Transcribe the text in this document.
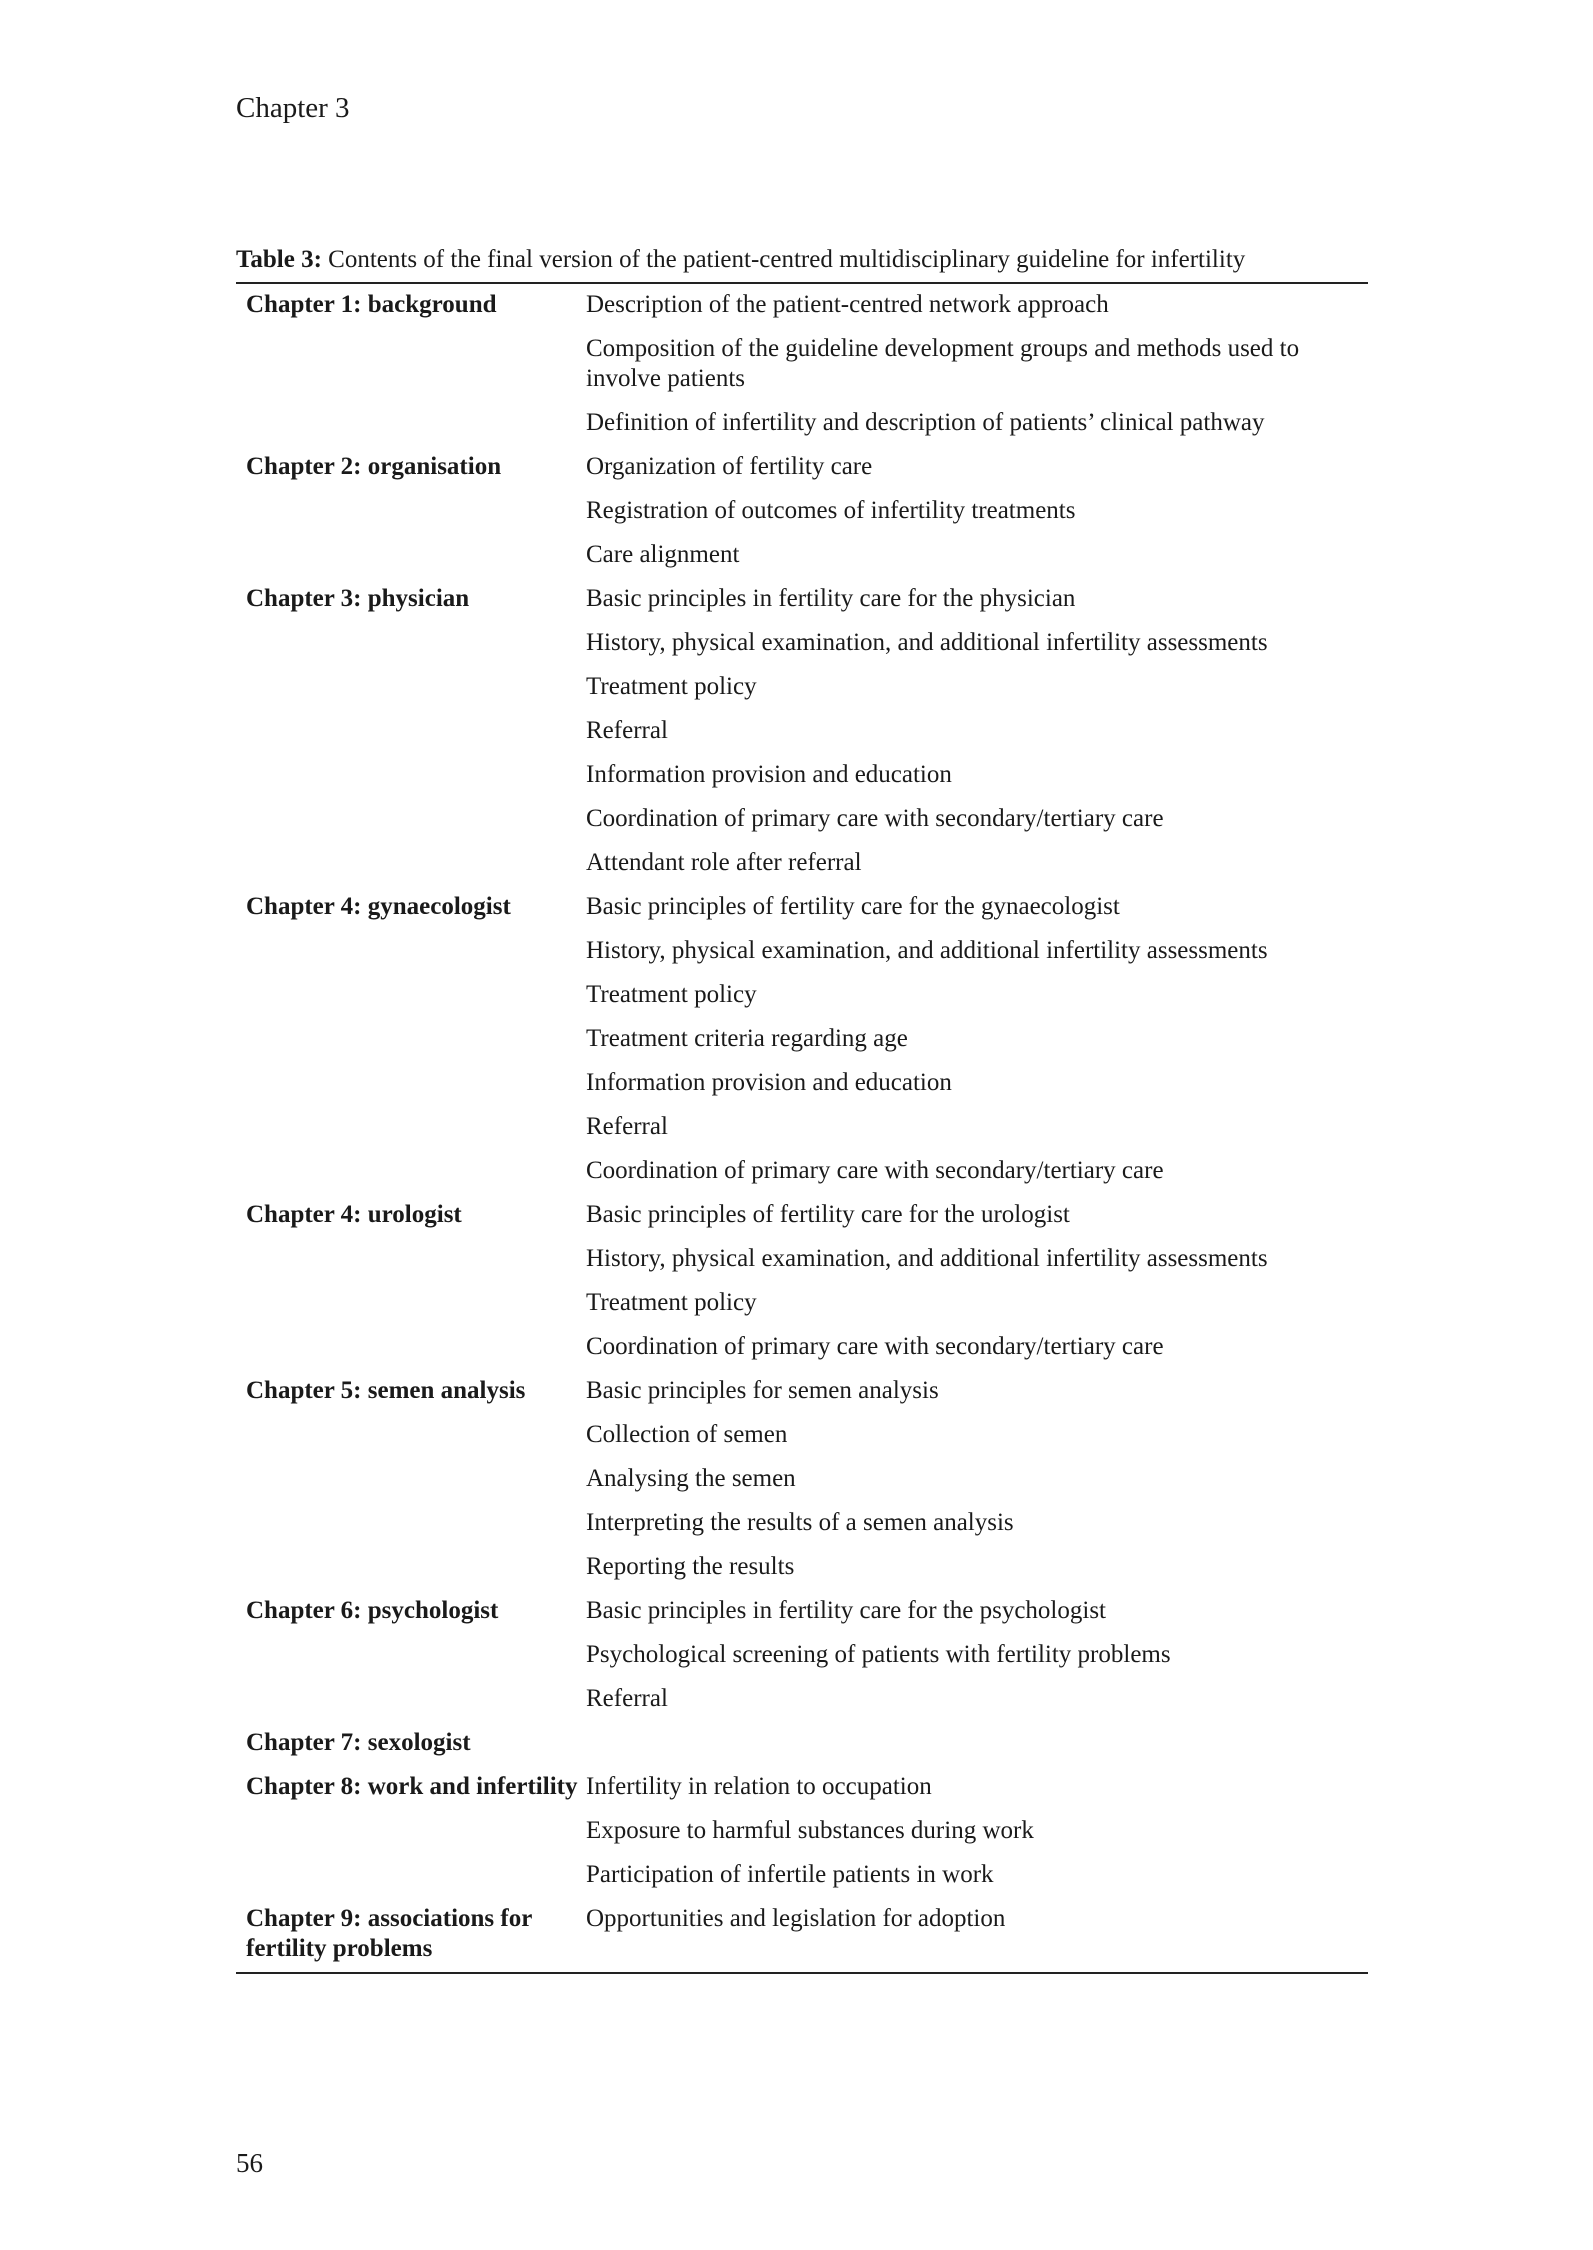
Chapter 3
Table 3: Contents of the final version of the patient-centred multidisciplinary guideline for infertility
Chapter 1: background	Description of the patient-centred network approach
	Composition of the guideline development groups and methods used to involve patients
	Definition of infertility and description of patients’ clinical pathway
Chapter 2: organisation	Organization of fertility care
	Registration of outcomes of infertility treatments
	Care alignment
Chapter 3: physician	Basic principles in fertility care for the physician
	History, physical examination, and additional infertility assessments
	Treatment policy
	Referral
	Information provision and education
	Coordination of primary care with secondary/tertiary care
	Attendant role after referral
Chapter 4: gynaecologist	Basic principles of fertility care for the gynaecologist
	History, physical examination, and additional infertility assessments
	Treatment policy
	Treatment criteria regarding age
	Information provision and education
	Referral
	Coordination of primary care with secondary/tertiary care
Chapter 4: urologist	Basic principles of fertility care for the urologist
	History, physical examination, and additional infertility assessments
	Treatment policy
	Coordination of primary care with secondary/tertiary care
Chapter 5: semen analysis	Basic principles for semen analysis
	Collection of semen
	Analysing the semen
	Interpreting the results of a semen analysis
	Reporting the results
Chapter 6: psychologist	Basic principles in fertility care for the psychologist
	Psychological screening of patients with fertility problems
	Referral
Chapter 7: sexologist	
Chapter 8: work and infertility	Infertility in relation to occupation
	Exposure to harmful substances during work
	Participation of infertile patients in work
Chapter 9: associations for fertility problems	Opportunities and legislation for adoption
56
